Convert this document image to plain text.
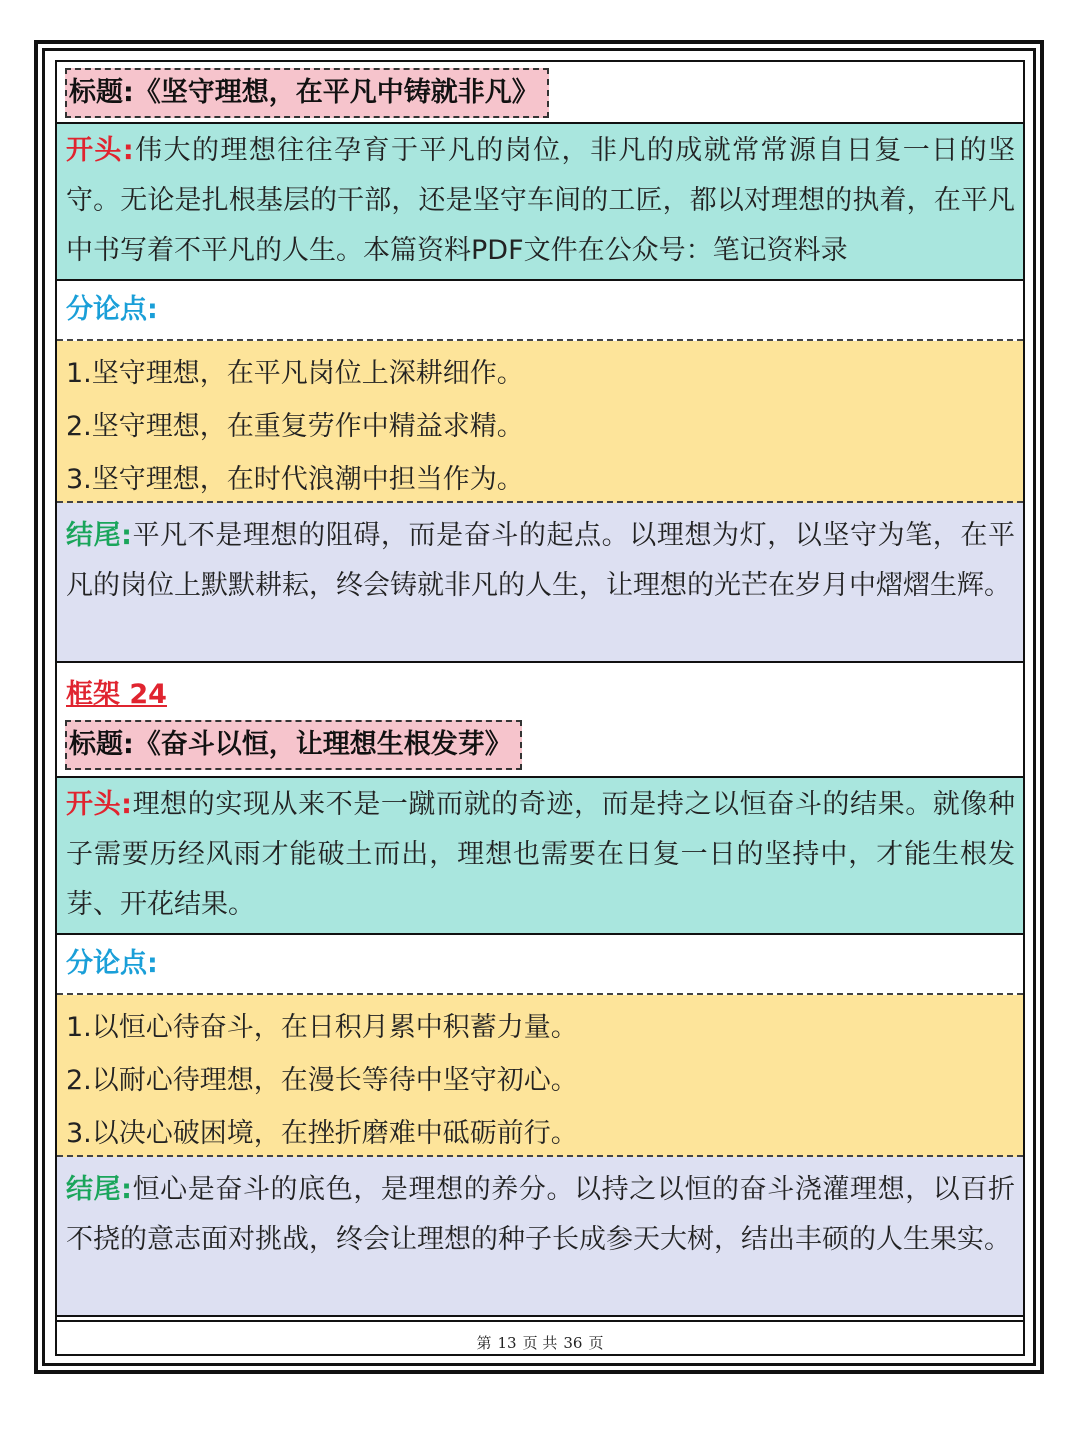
标题:《坚守理想，在平凡中铸就非凡》
开头:伟大的理想往往孕育于平凡的岗位，非凡的成就常常源自日复一日的坚守。无论是扎根基层的干部，还是坚守车间的工匠，都以对理想的执着，在平凡中书写着不平凡的人生。本篇资料PDF文件在公众号：笔记资料录
分论点:
1.坚守理想，在平凡岗位上深耕细作。
2.坚守理想，在重复劳作中精益求精。
3.坚守理想，在时代浪潮中担当作为。
结尾:平凡不是理想的阻碍，而是奋斗的起点。以理想为灯，以坚守为笔，在平凡的岗位上默默耕耘，终会铸就非凡的人生，让理想的光芒在岁月中熠熠生辉。
框架 24
标题:《奋斗以恒，让理想生根发芽》
开头:理想的实现从来不是一蹴而就的奇迹，而是持之以恒奋斗的结果。就像种子需要历经风雨才能破土而出，理想也需要在日复一日的坚持中，才能生根发芽、开花结果。
分论点:
1.以恒心待奋斗，在日积月累中积蓄力量。
2.以耐心待理想，在漫长等待中坚守初心。
3.以决心破困境，在挫折磨难中砥砺前行。
结尾:恒心是奋斗的底色，是理想的养分。以持之以恒的奋斗浇灌理想，以百折不挠的意志面对挑战，终会让理想的种子长成参天大树，结出丰硕的人生果实。
第 13 页 共 36 页
